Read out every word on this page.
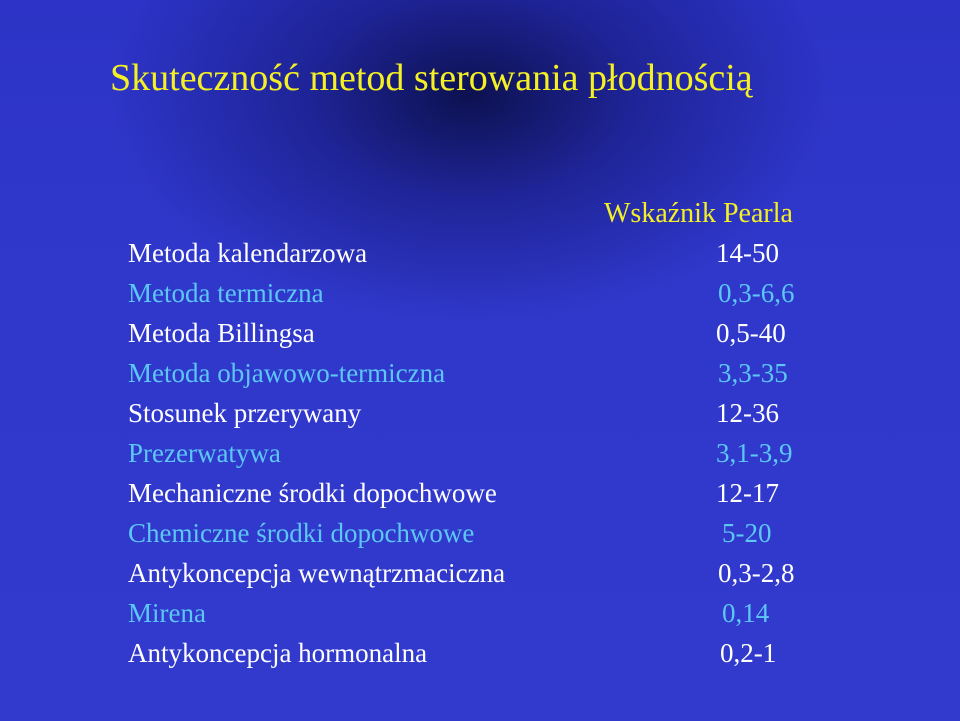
Skuteczność metod sterowania płodnością
Wskaźnik Pearla
Metoda kalendarzowa	14-50
Metoda termiczna	0,3-6,6
Metoda Billingsa	0,5-40
Metoda objawowo-termiczna	3,3-35
Stosunek przerywany	12-36
Prezerwatywa	3,1-3,9
Mechaniczne środki dopochwowe	12-17
Chemiczne środki dopochwowe	5-20
Antykoncepcja wewnątrzmaciczna	0,3-2,8
Mirena	0,14
Antykoncepcja hormonalna	0,2-1
